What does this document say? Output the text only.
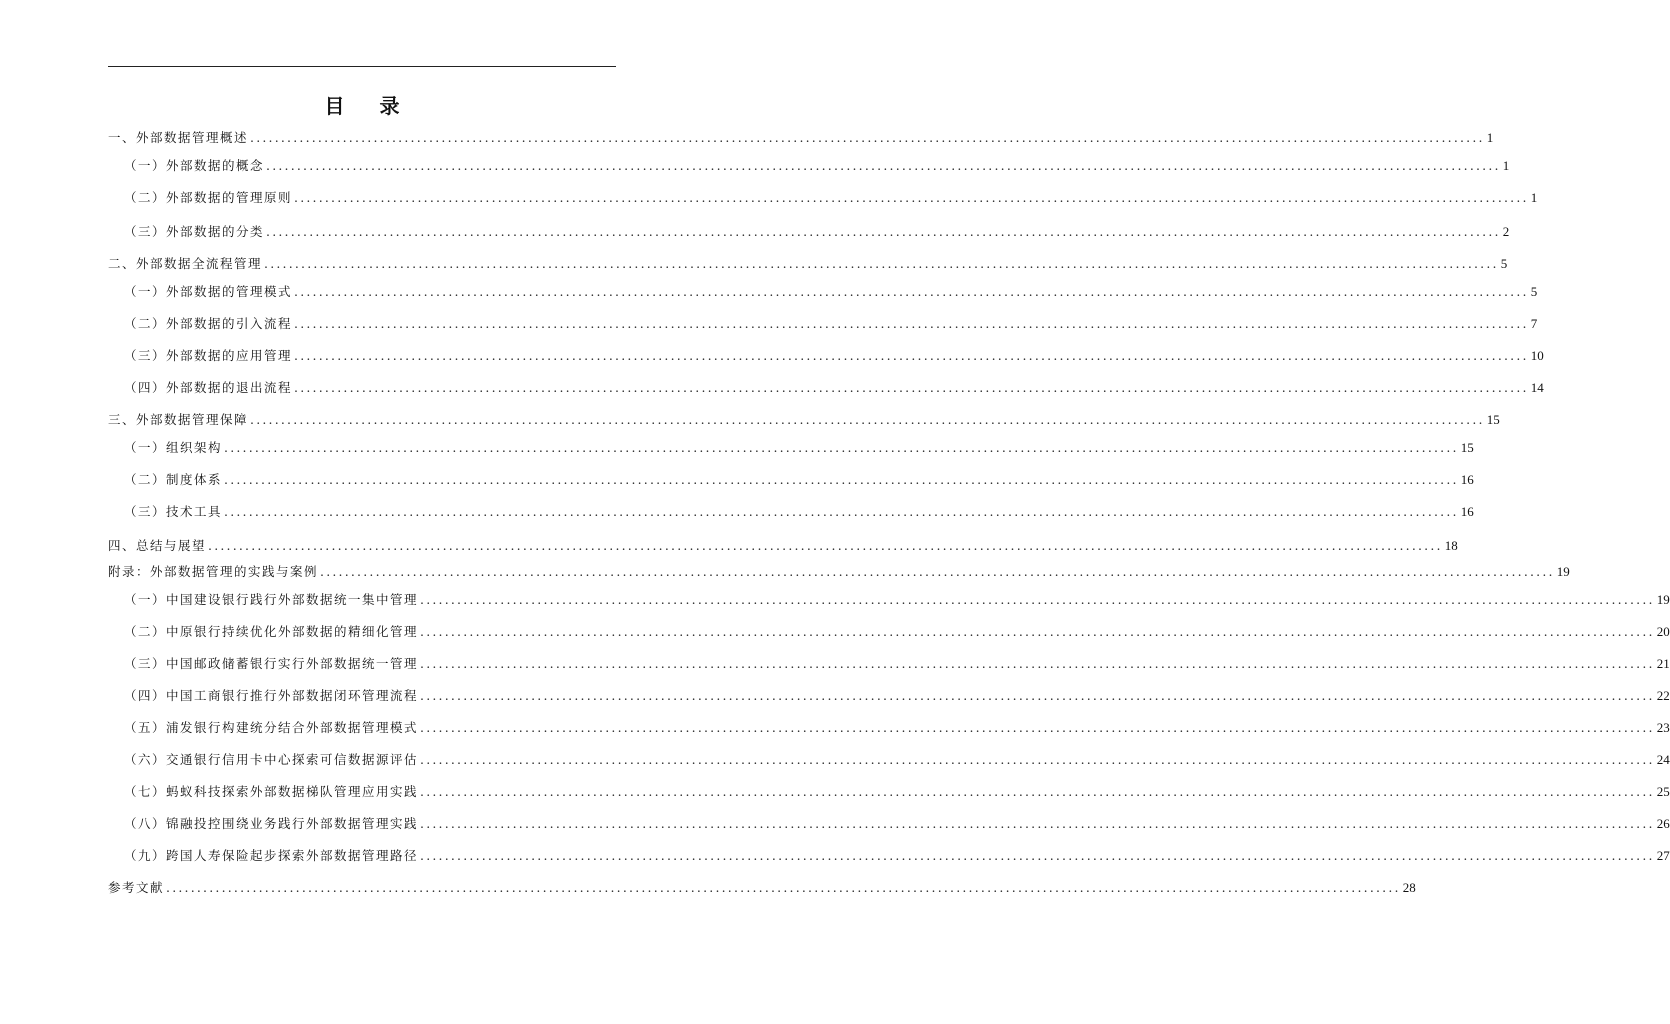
目 录
一、外部数据管理概述 ........................................................................................................................................................................................................ 1
（一）外部数据的概念 ........................................................................................................................................................................................................ 1
（二）外部数据的管理原则 ........................................................................................................................................................................................................ 1
（三）外部数据的分类 ........................................................................................................................................................................................................ 2
二、外部数据全流程管理 ........................................................................................................................................................................................................ 5
（一）外部数据的管理模式 ........................................................................................................................................................................................................ 5
（二）外部数据的引入流程 ........................................................................................................................................................................................................ 7
（三）外部数据的应用管理 ........................................................................................................................................................................................................ 10
（四）外部数据的退出流程 ........................................................................................................................................................................................................ 14
三、外部数据管理保障 ........................................................................................................................................................................................................ 15
（一）组织架构 ........................................................................................................................................................................................................ 15
（二）制度体系 ........................................................................................................................................................................................................ 16
（三）技术工具 ........................................................................................................................................................................................................ 16
四、总结与展望 ........................................................................................................................................................................................................ 18
附录：外部数据管理的实践与案例 ........................................................................................................................................................................................................ 19
（一）中国建设银行践行外部数据统一集中管理 ........................................................................................................................................................................................................ 19
（二）中原银行持续优化外部数据的精细化管理 ........................................................................................................................................................................................................ 20
（三）中国邮政储蓄银行实行外部数据统一管理 ........................................................................................................................................................................................................ 21
（四）中国工商银行推行外部数据闭环管理流程 ........................................................................................................................................................................................................ 22
（五）浦发银行构建统分结合外部数据管理模式 ........................................................................................................................................................................................................ 23
（六）交通银行信用卡中心探索可信数据源评估 ........................................................................................................................................................................................................ 24
（七）蚂蚁科技探索外部数据梯队管理应用实践 ........................................................................................................................................................................................................ 25
（八）锦融投控围绕业务践行外部数据管理实践 ........................................................................................................................................................................................................ 26
（九）跨国人寿保险起步探索外部数据管理路径 ........................................................................................................................................................................................................ 27
参考文献 ........................................................................................................................................................................................................ 28
